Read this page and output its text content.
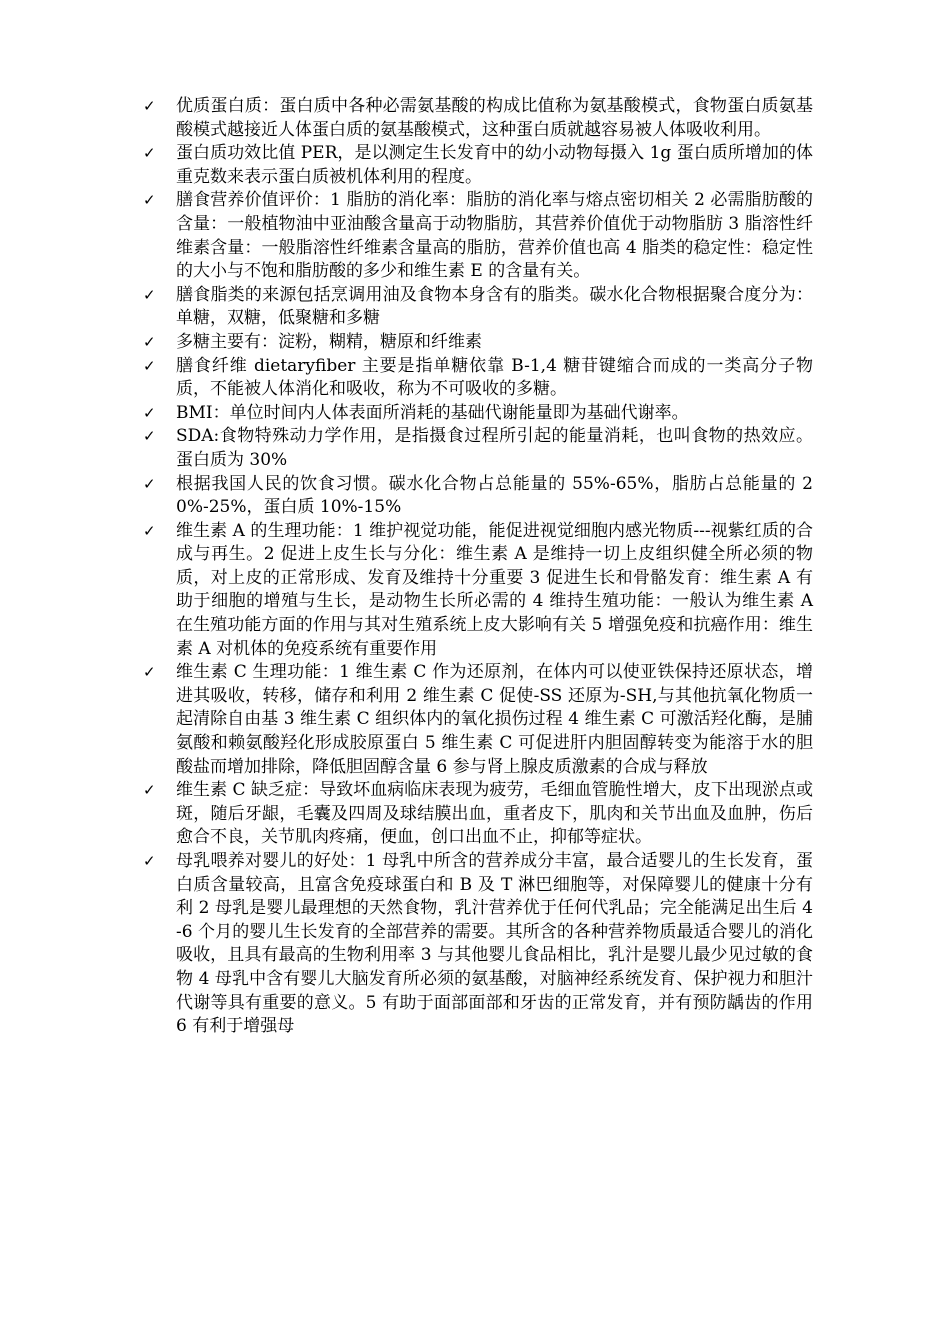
✓	优质蛋白质：蛋白质中各种必需氨基酸的构成比值称为氨基酸模式，食物蛋白质氨基酸模式越接近人体蛋白质的氨基酸模式，这种蛋白质就越容易被人体吸收利用。
✓	蛋白质功效比值 PER，是以测定生长发育中的幼小动物每摄入 1g 蛋白质所增加的体重克数来表示蛋白质被机体利用的程度。
✓	膳食营养价值评价：1 脂肪的消化率：脂肪的消化率与熔点密切相关 2 必需脂肪酸的含量：一般植物油中亚油酸含量高于动物脂肪，其营养价值优于动物脂肪 3 脂溶性纤维素含量：一般脂溶性纤维素含量高的脂肪，营养价值也高 4 脂类的稳定性：稳定性的大小与不饱和脂肪酸的多少和维生素 E 的含量有关。
✓	膳食脂类的来源包括烹调用油及食物本身含有的脂类。碳水化合物根据聚合度分为：单糖，双糖，低聚糖和多糖
✓	多糖主要有：淀粉，糊精，糖原和纤维素
✓	膳食纤维 dietaryfiber 主要是指单糖依靠 B-1,4 糖苷键缩合而成的一类高分子物质，不能被人体消化和吸收，称为不可吸收的多糖。
✓	BMI：单位时间内人体表面所消耗的基础代谢能量即为基础代谢率。
✓	SDA:食物特殊动力学作用，是指摄食过程所引起的能量消耗，也叫食物的热效应。蛋白质为 30%
✓	根据我国人民的饮食习惯。碳水化合物占总能量的 55%-65%，脂肪占总能量的 20%-25%，蛋白质 10%-15%
✓	维生素 A 的生理功能：1 维护视觉功能，能促进视觉细胞内感光物质---视紫红质的合成与再生。2 促进上皮生长与分化：维生素 A 是维持一切上皮组织健全所必须的物质，对上皮的正常形成、发育及维持十分重要 3 促进生长和骨骼发育：维生素 A 有助于细胞的增殖与生长，是动物生长所必需的 4 维持生殖功能：一般认为维生素 A 在生殖功能方面的作用与其对生殖系统上皮大影响有关 5 增强免疫和抗癌作用：维生素 A 对机体的免疫系统有重要作用
✓	维生素 C 生理功能：1 维生素 C 作为还原剂，在体内可以使亚铁保持还原状态，增进其吸收，转移，储存和利用 2 维生素 C 促使-SS 还原为-SH,与其他抗氧化物质一起清除自由基 3 维生素 C 组织体内的氧化损伤过程 4 维生素 C 可激活羟化酶，是脯氨酸和赖氨酸羟化形成胶原蛋白 5 维生素 C 可促进肝内胆固醇转变为能溶于水的胆酸盐而增加排除，降低胆固醇含量 6 参与肾上腺皮质激素的合成与释放
✓	维生素 C 缺乏症：导致坏血病临床表现为疲劳，毛细血管脆性增大，皮下出现淤点或斑，随后牙龈，毛囊及四周及球结膜出血，重者皮下，肌肉和关节出血及血肿，伤后愈合不良，关节肌肉疼痛，便血，创口出血不止，抑郁等症状。
✓	母乳喂养对婴儿的好处：1 母乳中所含的营养成分丰富，最合适婴儿的生长发育，蛋白质含量较高，且富含免疫球蛋白和 B 及 T 淋巴细胞等，对保障婴儿的健康十分有利 2 母乳是婴儿最理想的天然食物，乳汁营养优于任何代乳品；完全能满足出生后 4-6 个月的婴儿生长发育的全部营养的需要。其所含的各种营养物质最适合婴儿的消化吸收，且具有最高的生物利用率 3 与其他婴儿食品相比，乳汁是婴儿最少见过敏的食物 4 母乳中含有婴儿大脑发育所必须的氨基酸，对脑神经系统发育、保护视力和胆汁代谢等具有重要的意义。5 有助于面部面部和牙齿的正常发育，并有预防龋齿的作用 6 有利于增强母
